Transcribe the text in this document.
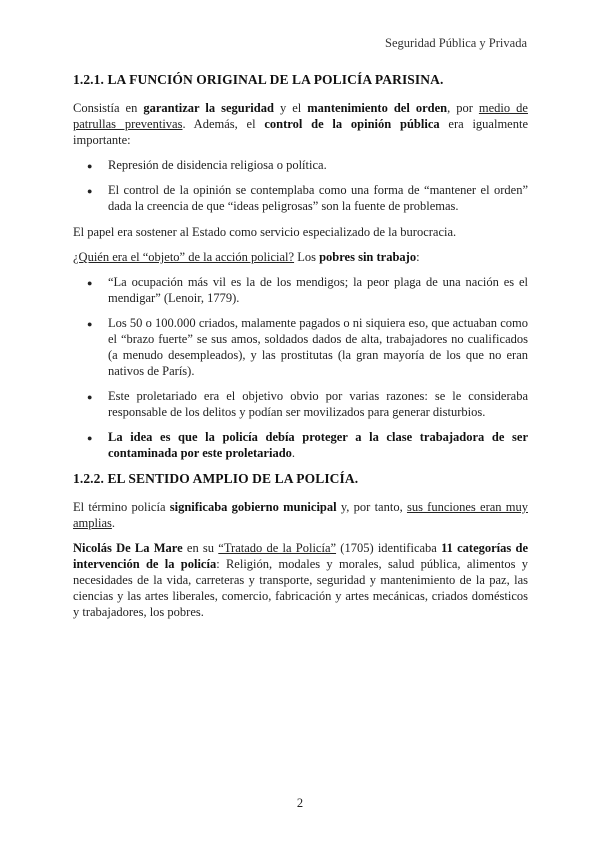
Seguridad Pública y Privada
1.2.1. LA FUNCIÓN ORIGINAL DE LA POLICÍA PARISINA.

Consistía en garantizar la seguridad y el mantenimiento del orden, por medio de patrullas preventivas. Además, el control de la opinión pública era igualmente importante:

● Represión de disidencia religiosa o política.
● El control de la opinión se contemplaba como una forma de “mantener el orden” dada la creencia de que “ideas peligrosas” son la fuente de problemas.

El papel era sostener al Estado como servicio especializado de la burocracia.

¿Quién era el “objeto” de la acción policial? Los pobres sin trabajo:

● “La ocupación más vil es la de los mendigos; la peor plaga de una nación es el mendigar” (Lenoir, 1779).
● Los 50 o 100.000 criados, malamente pagados o ni siquiera eso, que actuaban como el “brazo fuerte” se sus amos, soldados dados de alta, trabajadores no cualificados (a menudo desempleados), y las prostitutas (la gran mayoría de los que no eran nativos de París).
● Este proletariado era el objetivo obvio por varias razones: se le consideraba responsable de los delitos y podían ser movilizados para generar disturbios.
● La idea es que la policía debía proteger a la clase trabajadora de ser contaminada por este proletariado.
1.2.2. EL SENTIDO AMPLIO DE LA POLICÍA.

El término policía significaba gobierno municipal y, por tanto, sus funciones eran muy amplias.

Nicolás De La Mare en su “Tratado de la Policía” (1705) identificaba 11 categorías de intervención de la policía: Religión, modales y morales, salud pública, alimentos y necesidades de la vida, carreteras y transporte, seguridad y mantenimiento de la paz, las ciencias y las artes liberales, comercio, fabricación y artes mecánicas, criados domésticos y trabajadores, los pobres.

2
